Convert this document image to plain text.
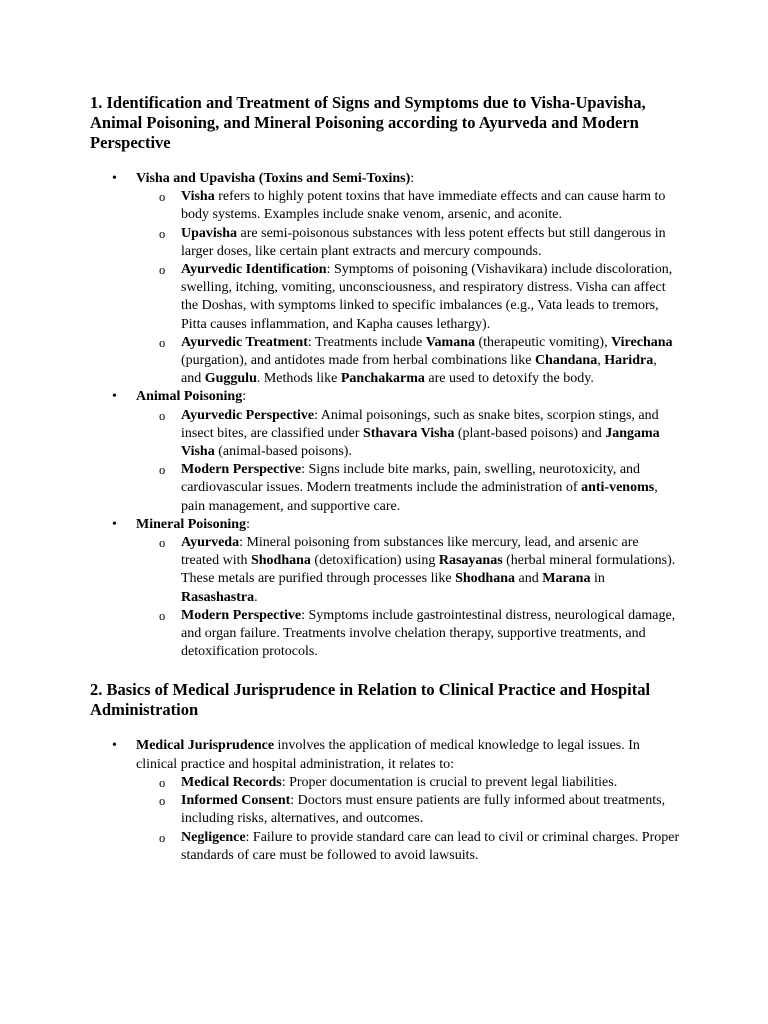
1. Identification and Treatment of Signs and Symptoms due to Visha-Upavisha, Animal Poisoning, and Mineral Poisoning according to Ayurveda and Modern Perspective
• Visha and Upavisha (Toxins and Semi-Toxins):
o Visha refers to highly potent toxins that have immediate effects and can cause harm to body systems. Examples include snake venom, arsenic, and aconite.
o Upavisha are semi-poisonous substances with less potent effects but still dangerous in larger doses, like certain plant extracts and mercury compounds.
o Ayurvedic Identification: Symptoms of poisoning (Vishavikara) include discoloration, swelling, itching, vomiting, unconsciousness, and respiratory distress. Visha can affect the Doshas, with symptoms linked to specific imbalances (e.g., Vata leads to tremors, Pitta causes inflammation, and Kapha causes lethargy).
o Ayurvedic Treatment: Treatments include Vamana (therapeutic vomiting), Virechana (purgation), and antidotes made from herbal combinations like Chandana, Haridra, and Guggulu. Methods like Panchakarma are used to detoxify the body.
• Animal Poisoning:
o Ayurvedic Perspective: Animal poisonings, such as snake bites, scorpion stings, and insect bites, are classified under Sthavara Visha (plant-based poisons) and Jangama Visha (animal-based poisons).
o Modern Perspective: Signs include bite marks, pain, swelling, neurotoxicity, and cardiovascular issues. Modern treatments include the administration of anti-venoms, pain management, and supportive care.
• Mineral Poisoning:
o Ayurveda: Mineral poisoning from substances like mercury, lead, and arsenic are treated with Shodhana (detoxification) using Rasayanas (herbal mineral formulations). These metals are purified through processes like Shodhana and Marana in Rasashastra.
o Modern Perspective: Symptoms include gastrointestinal distress, neurological damage, and organ failure. Treatments involve chelation therapy, supportive treatments, and detoxification protocols.
2. Basics of Medical Jurisprudence in Relation to Clinical Practice and Hospital Administration
• Medical Jurisprudence involves the application of medical knowledge to legal issues. In clinical practice and hospital administration, it relates to:
o Medical Records: Proper documentation is crucial to prevent legal liabilities.
o Informed Consent: Doctors must ensure patients are fully informed about treatments, including risks, alternatives, and outcomes.
o Negligence: Failure to provide standard care can lead to civil or criminal charges. Proper standards of care must be followed to avoid lawsuits.
